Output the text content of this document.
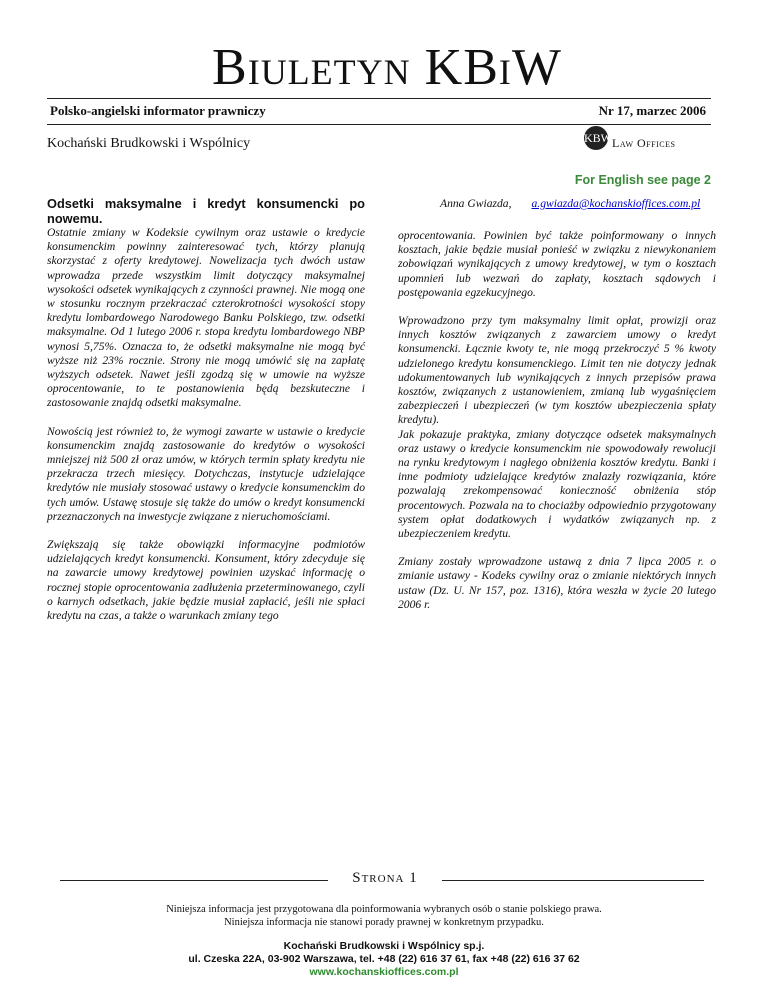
Biuletyn KBiW
Polsko-angielski informator prawniczy	Nr 17, marzec 2006
Kochański Brudkowski i Wspólnicy	KBW Law Offices
For English see page 2

Odsetki maksymalne i kredyt konsumencki po nowemu.

Ostatnie zmiany w Kodeksie cywilnym oraz ustawie o kredycie konsumenckim powinny zainteresować tych, którzy planują skorzystać z oferty kredytowej. Nowelizacja tych dwóch ustaw wprowadza przede wszystkim limit dotyczący maksymalnej wysokości odsetek wynikających z czynności prawnej. Nie mogą one w stosunku rocznym przekraczać czterokrotności wysokości stopy kredytu lombardowego Narodowego Banku Polskiego, tzw. odsetki maksymalne. Od 1 lutego 2006 r. stopa kredytu lombardowego NBP wynosi 5,75%. Oznacza to, że odsetki maksymalne nie mogą być wyższe niż 23% rocznie. Strony nie mogą umówić się na zapłatę wyższych odsetek. Nawet jeśli zgodzą się w umowie na wyższe oprocentowanie, to te postanowienia będą bezskuteczne i zastosowanie znajdą odsetki maksymalne.

Nowością jest również to, że wymogi zawarte w ustawie o kredycie konsumenckim znajdą zastosowanie do kredytów o wysokości mniejszej niż 500 zł oraz umów, w których termin spłaty kredytu nie przekracza trzech miesięcy. Dotychczas, instytucje udzielające kredytów nie musiały stosować ustawy o kredycie konsumenckim do tych umów. Ustawę stosuje się także do umów o kredyt konsumencki przeznaczonych na inwestycje związane z nieruchomościami.

Zwiększają się także obowiązki informacyjne podmiotów udzielających kredyt konsumencki. Konsument, który zdecyduje się na zawarcie umowy kredytowej powinien uzyskać informację o rocznej stopie oprocentowania zadłużenia przeterminowanego, czyli o karnych odsetkach, jakie będzie musiał zapłacić, jeśli nie spłaci kredytu na czas, a także o warunkach zmiany tego

Anna Gwiazda, a.gwiazda@kochanskioffices.com.pl

oprocentowania. Powinien być także poinformowany o innych kosztach, jakie będzie musiał ponieść w związku z niewykonaniem zobowiązań wynikających z umowy kredytowej, w tym o kosztach upomnień lub wezwań do zapłaty, kosztach sądowych i postępowania egzekucyjnego.

Wprowadzono przy tym maksymalny limit opłat, prowizji oraz innych kosztów związanych z zawarciem umowy o kredyt konsumencki. Łącznie kwoty te, nie mogą przekroczyć 5 % kwoty udzielonego kredytu konsumenckiego. Limit ten nie dotyczy jednak udokumentowanych lub wynikających z innych przepisów prawa kosztów, związanych z ustanowieniem, zmianą lub wygaśnięciem zabezpieczeń i ubezpieczeń (w tym kosztów ubezpieczenia spłaty kredytu).

Jak pokazuje praktyka, zmiany dotyczące odsetek maksymalnych oraz ustawy o kredycie konsumenckim nie spowodowały rewolucji na rynku kredytowym i nagłego obniżenia kosztów kredytu. Banki i inne podmioty udzielające kredytów znalazły rozwiązania, które pozwalają zrekompensować konieczność obniżenia stóp procentowych. Pozwala na to chociażby odpowiednio przygotowany system opłat dodatkowych i wydatków związanych np. z ubezpieczeniem kredytu.

Zmiany zostały wprowadzone ustawą z dnia 7 lipca 2005 r. o zmianie ustawy - Kodeks cywilny oraz o zmianie niektórych innych ustaw (Dz. U. Nr 157, poz. 1316), która weszła w życie 20 lutego 2006 r.

Strona 1
Niniejsza informacja jest przygotowana dla poinformowania wybranych osób o stanie polskiego prawa.
Niniejsza informacja nie stanowi porady prawnej w konkretnym przypadku.
Kochański Brudkowski i Wspólnicy sp.j.
ul. Czeska 22A, 03-902 Warszawa, tel. +48 (22) 616 37 61, fax +48 (22) 616 37 62
www.kochanskioffices.com.pl
